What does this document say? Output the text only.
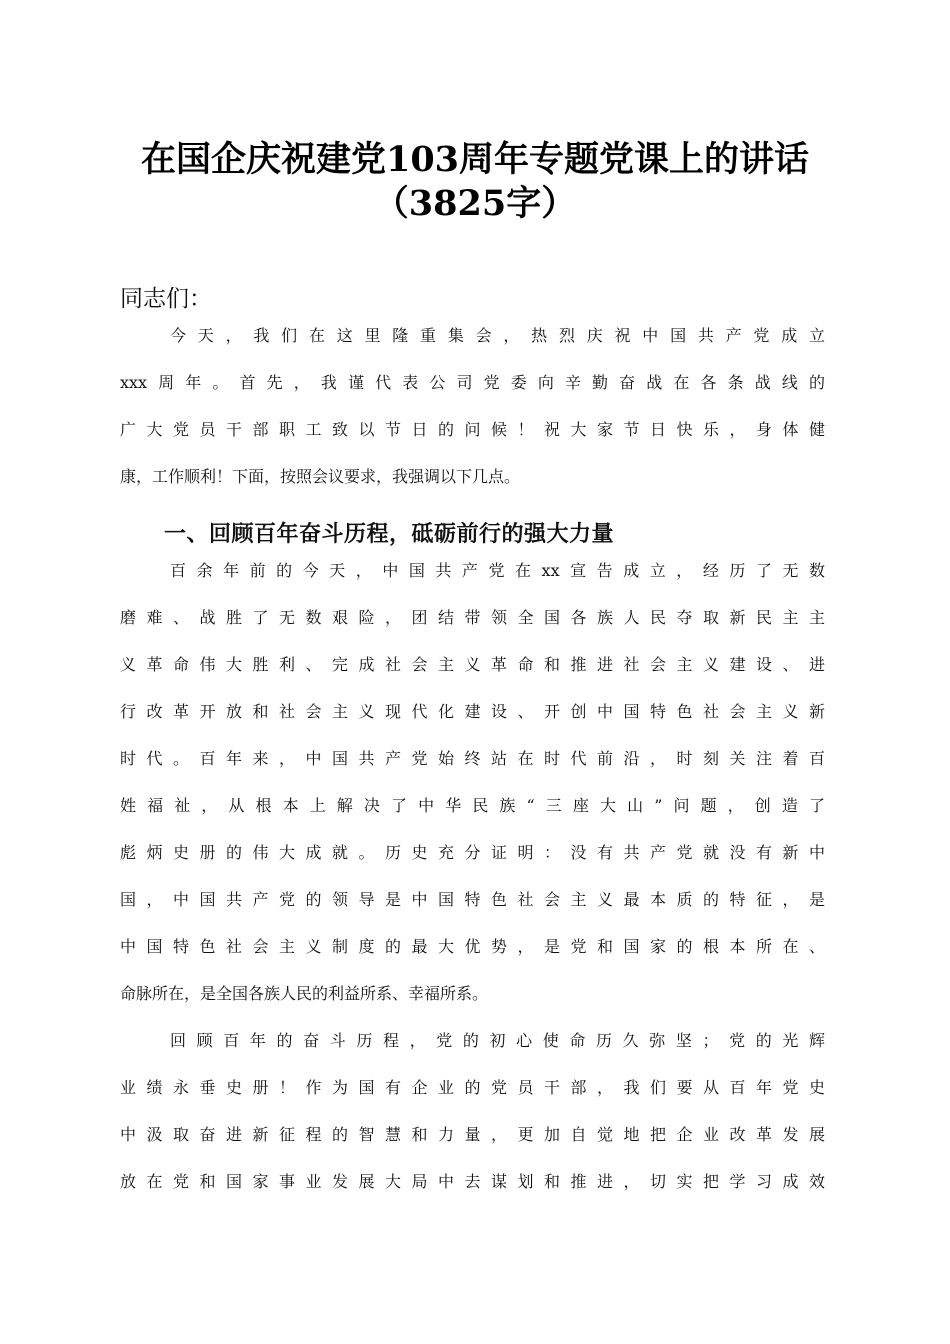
在国企庆祝建党103周年专题党课上的讲话
（3825字）

同志们：

今天，我们在这里隆重集会，热烈庆祝中国共产党成立
xxx周年。首先，我谨代表公司党委向辛勤奋战在各条战线的
广大党员干部职工致以节日的问候！祝大家节日快乐，身体健
康，工作顺利！下面，按照会议要求，我强调以下几点。

一、回顾百年奋斗历程，砥砺前行的强大力量

百余年前的今天，中国共产党在xx宣告成立，经历了无数
磨难、战胜了无数艰险，团结带领全国各族人民夺取新民主主
义革命伟大胜利、完成社会主义革命和推进社会主义建设、进
行改革开放和社会主义现代化建设、开创中国特色社会主义新
时代。百年来，中国共产党始终站在时代前沿，时刻关注着百
姓福祉，从根本上解决了中华民族“三座大山”问题，创造了
彪炳史册的伟大成就。历史充分证明：没有共产党就没有新中
国，中国共产党的领导是中国特色社会主义最本质的特征，是
中国特色社会主义制度的最大优势，是党和国家的根本所在、
命脉所在，是全国各族人民的利益所系、幸福所系。
回顾百年的奋斗历程，党的初心使命历久弥坚；党的光辉
业绩永垂史册！作为国有企业的党员干部，我们要从百年党史
中汲取奋进新征程的智慧和力量，更加自觉地把企业改革发展
放在党和国家事业发展大局中去谋划和推进，切实把学习成效
